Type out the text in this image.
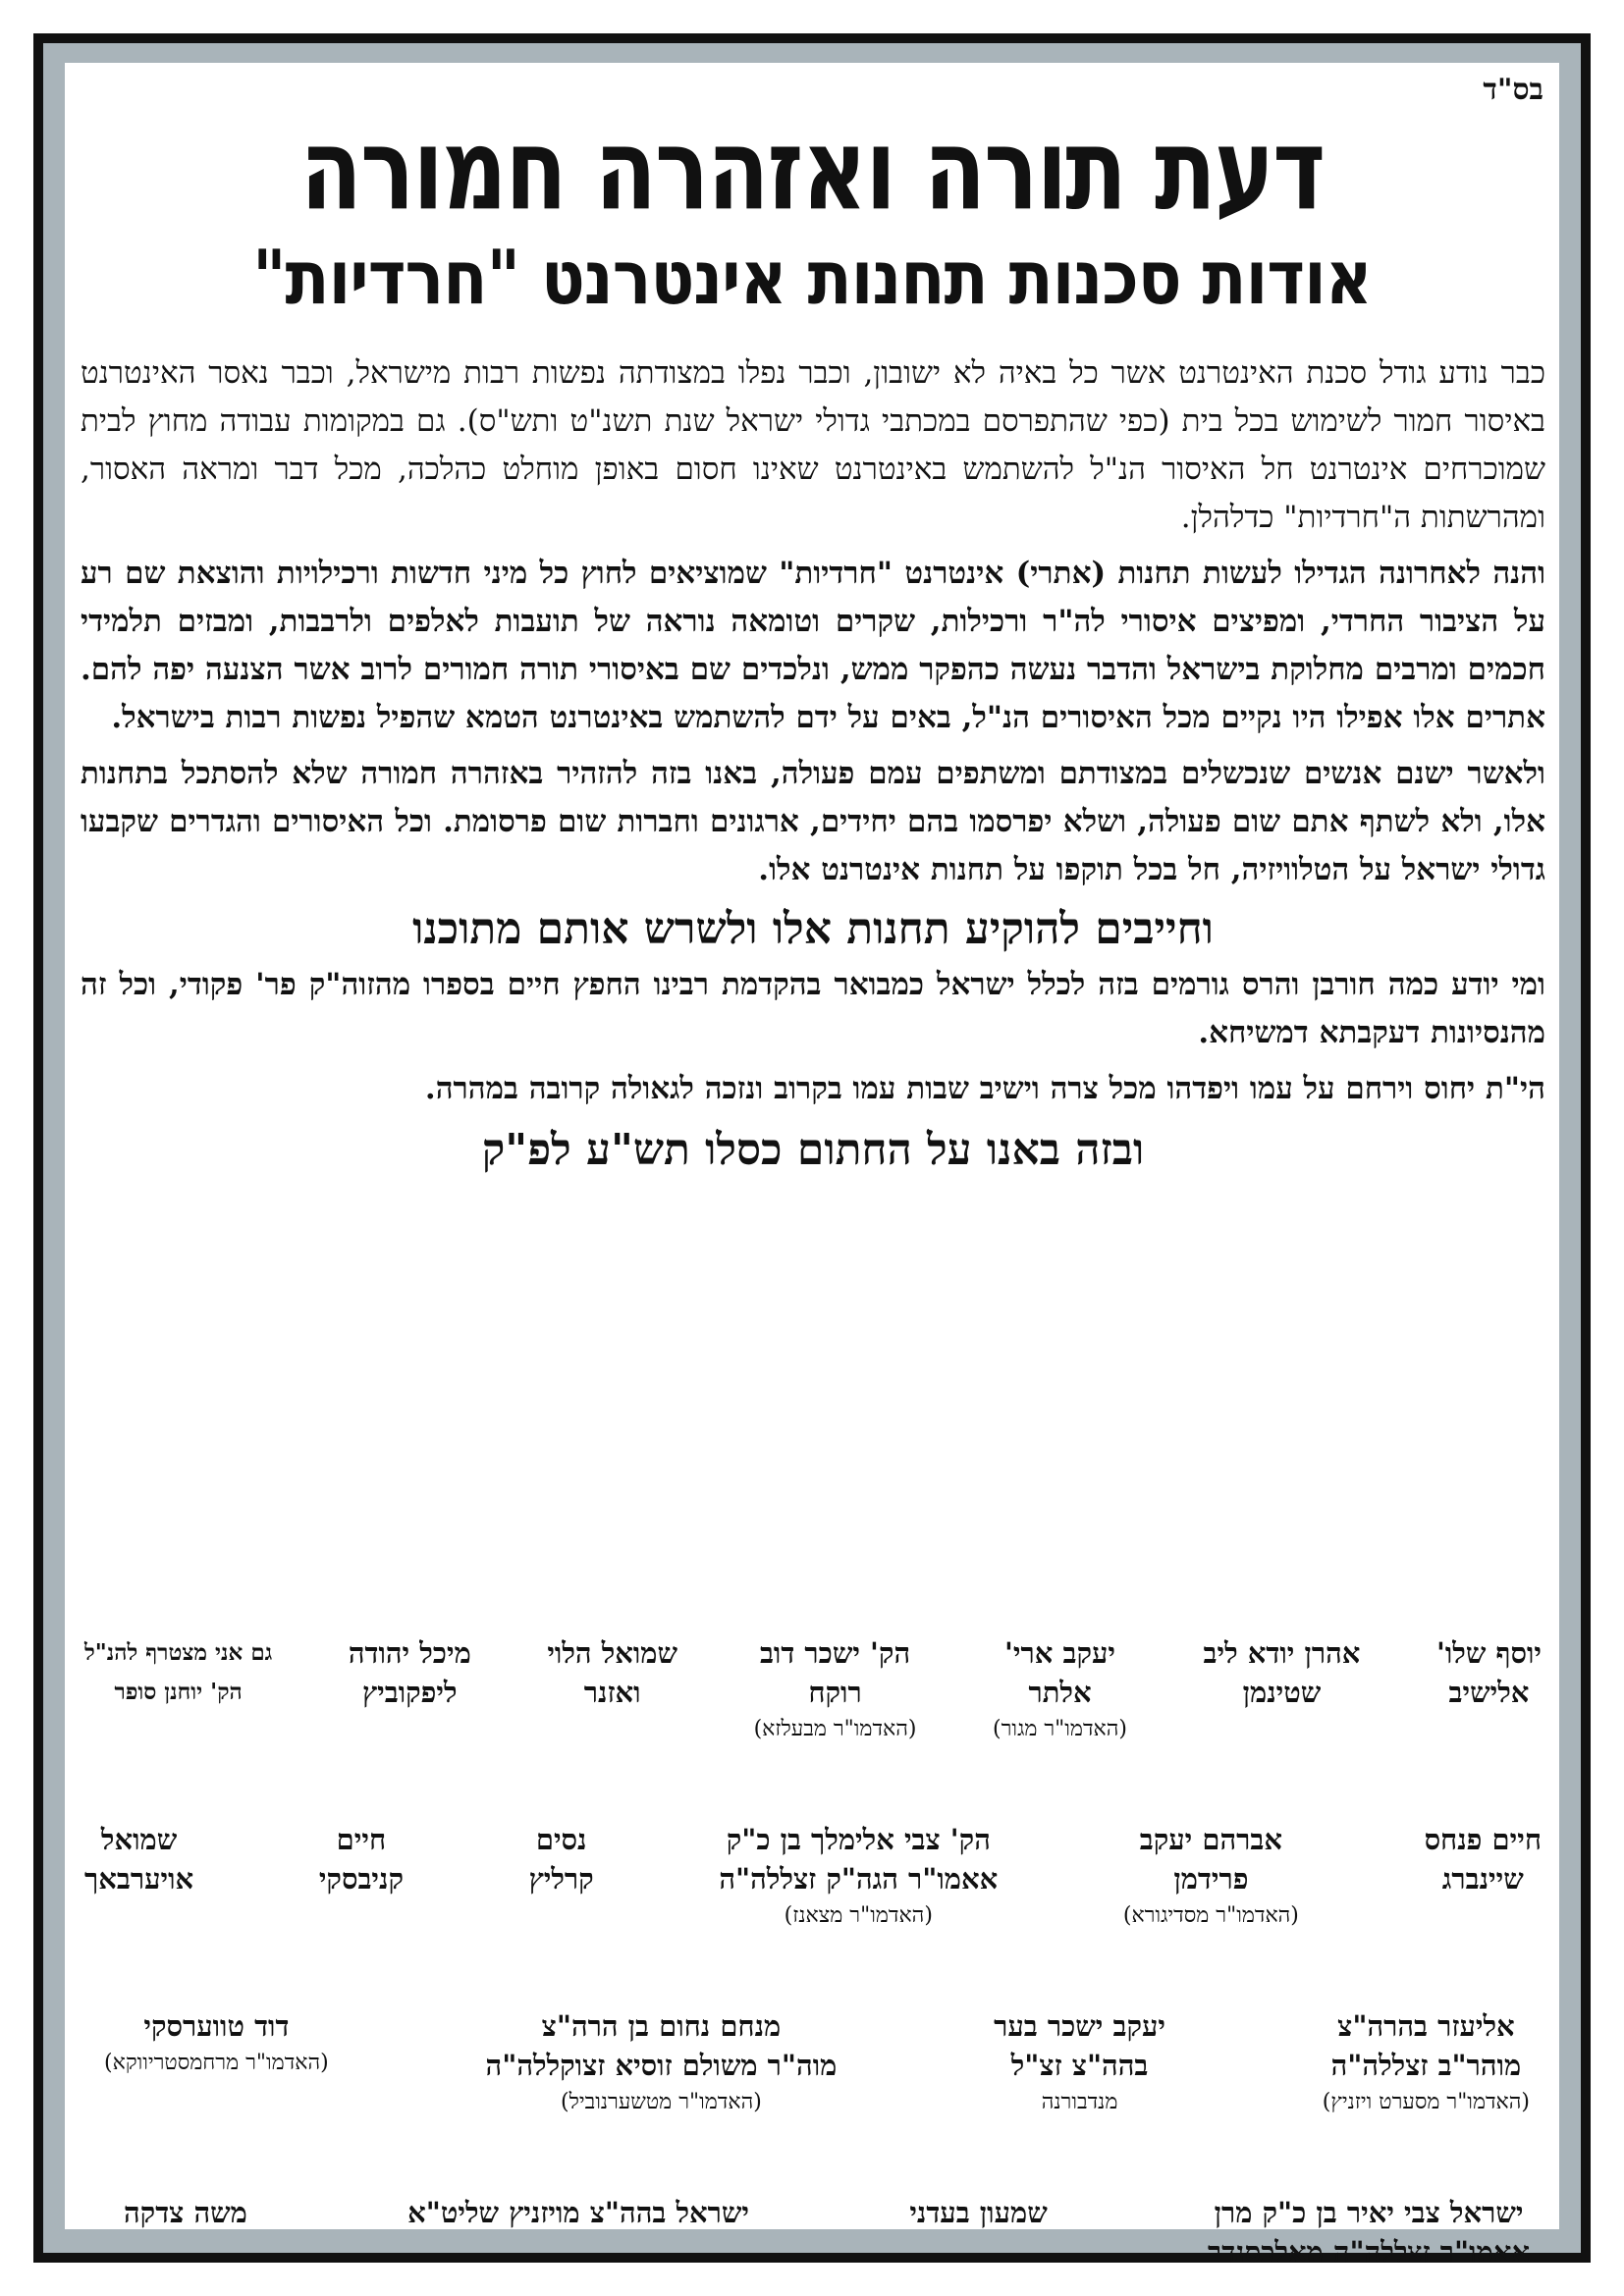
בס"ד
דעת תורה ואזהרה חמורה
אודות סכנות תחנות אינטרנט "חרדיות"

כבר נודע גודל סכנת האינטרנט אשר כל באיה לא ישובון, וכבר נפלו במצודתה נפשות רבות מישראל, וכבר נאסר האינטרנט באיסור חמור לשימוש בכל בית (כפי שהתפרסם במכתבי גדולי ישראל שנת תשנ"ט ותש"ס). גם במקומות עבודה מחוץ לבית שמוכרחים אינטרנט חל האיסור הנ"ל להשתמש באינטרנט שאינו חסום באופן מוחלט כהלכה, מכל דבר ומראה האסור, ומהרשתות ה"חרדיות" כדלהלן.

והנה לאחרונה הגדילו לעשות תחנות (אתרי) אינטרנט "חרדיות" שמוציאים לחוץ כל מיני חדשות ורכילויות והוצאת שם רע על הציבור החרדי, ומפיצים איסורי לה"ר ורכילות, שקרים וטומאה נוראה של תועבות לאלפים ולרבבות, ומבזים תלמידי חכמים ומרבים מחלוקת בישראל והדבר נעשה כהפקר ממש, ונלכדים שם באיסורי תורה חמורים לרוב אשר הצנעה יפה להם. אתרים אלו אפילו היו נקיים מכל האיסורים הנ"ל, באים על ידם להשתמש באינטרנט הטמא שהפיל נפשות רבות בישראל.

ולאשר ישנם אנשים שנכשלים במצודתם ומשתפים עמם פעולה, באנו בזה להזהיר באזהרה חמורה שלא להסתכל בתחנות אלו, ולא לשתף אתם שום פעולה, ושלא יפרסמו בהם יחידים, ארגונים וחברות שום פרסומת. וכל האיסורים והגדרים שקבעו גדולי ישראל על הטלוויזיה, חל בכל תוקפו על תחנות אינטרנט אלו.

וחייבים להוקיע תחנות אלו ולשרש אותם מתוכנו

ומי יודע כמה חורבן והרס גורמים בזה לכלל ישראל כמבואר בהקדמת רבינו החפץ חיים בספרו מהזוה"ק פר' פקודי, וכל זה מהנסיונות דעקבתא דמשיחא.

הי"ת יחוס וירחם על עמו ויפדהו מכל צרה וישיב שבות עמו בקרוב ונזכה לגאולה קרובה במהרה.

ובזה באנו על החתום כסלו תש"ע לפ"ק
יוסף שלו'
אלישיב
אהרן יודא ליב
שטינמן
יעקב ארי'
אלתר
(האדמו"ר מגור)
הק' ישכר דוב
רוקח
(האדמו"ר מבעלזא)
שמואל הלוי
ואזנר
מיכל יהודה
ליפקוביץ
גם אני מצטרף להנ"ל
הק' יוחנן סופר
חיים פנחס
שיינברג
אברהם יעקב
פרידמן
(האדמו"ר מסדיגורא)
הק' צבי אלימלך בן כ"ק
אאמו"ר הגה"ק זצללה"ה
(האדמו"ר מצאנז)
נסים
קרליץ
חיים
קניבסקי
שמואל
אויערבאך
אליעזר בהרה"צ
מוהר"ב זצללה"ה
(האדמו"ר מסערט ויזניץ)
יעקב ישכר בער
בהה"צ זצ"ל
מנדבורנה
מנחם נחום בן הרה"צ
מוה"ר משולם זוסיא זצוקללה"ה
(האדמו"ר מטשערנוביל)
דוד טווערסקי
(האדמו"ר מרחמסטריווקא)
ישראל צבי יאיר בן כ"ק מרן
אאמו"ר זצללה"ה מאלכסנדר
שמעון בעדני
ישראל בהה"צ מויזניץ שליט"א
משה צדקה
